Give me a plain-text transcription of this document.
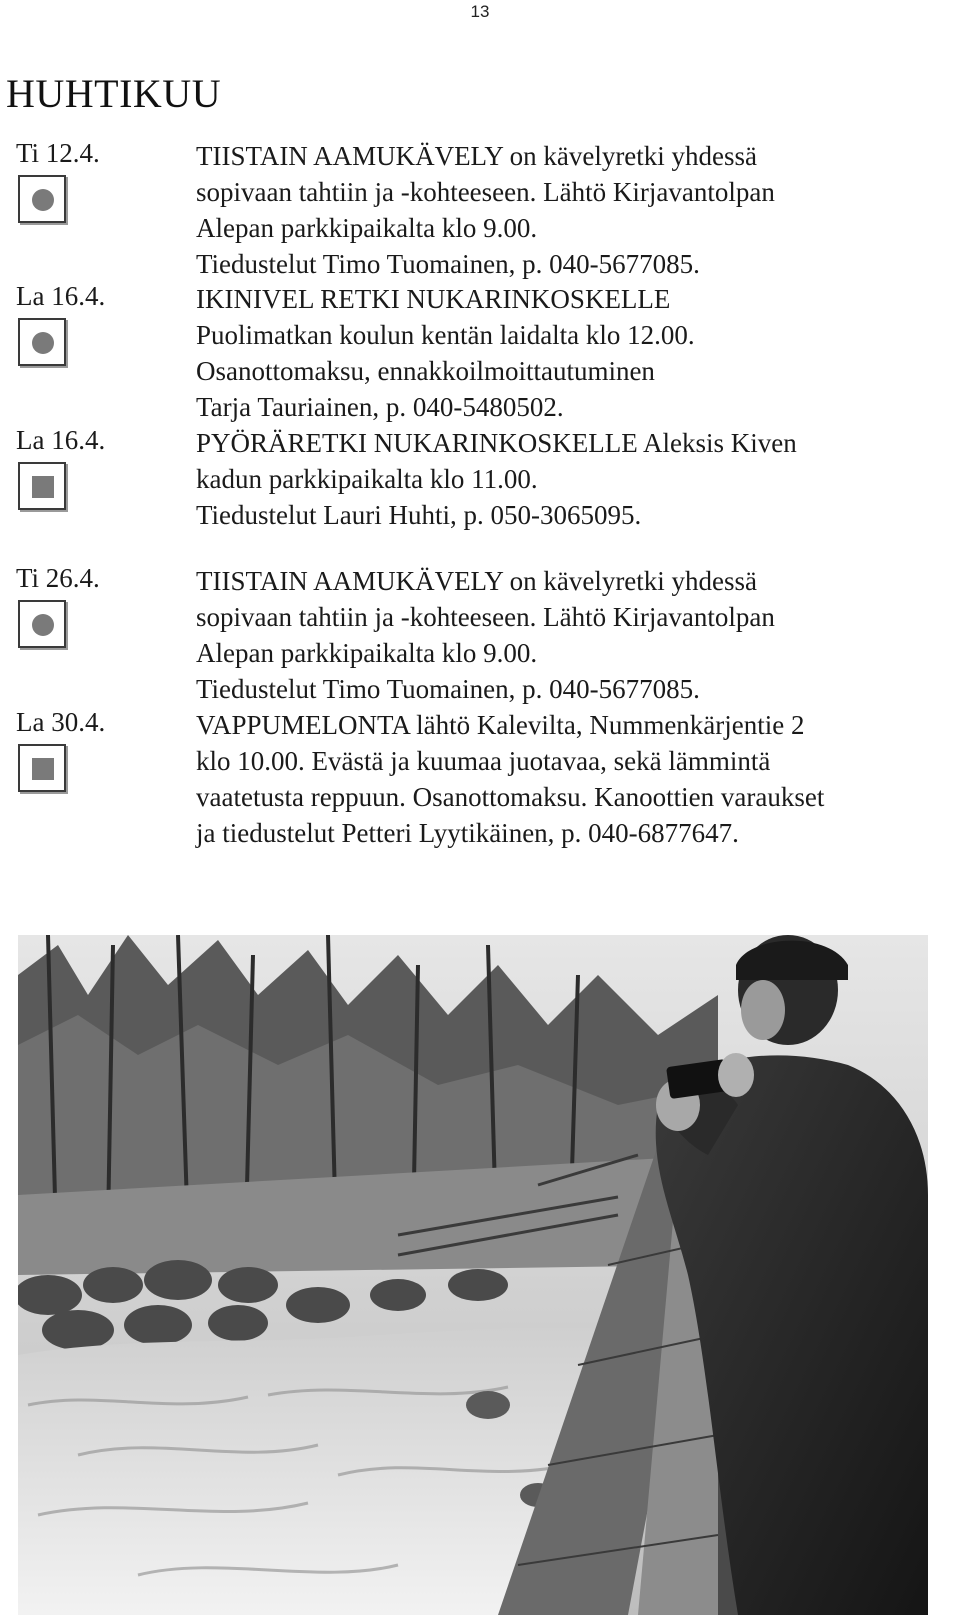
13
HUHTIKUU
Ti 12.4.	TIISTAIN AAMUKÄVELY on kävelyretki yhdessä
sopivaan tahtiin ja -kohteeseen. Lähtö Kirjavantolpan
Alepan parkkipaikalta klo 9.00.
Tiedustelut Timo Tuomainen, p. 040-5677085.
La 16.4.	IKINIVEL RETKI NUKARINKOSKELLE
Puolimatkan koulun kentän laidalta klo 12.00.
Osanottomaksu, ennakkoilmoittautuminen
Tarja Tauriainen, p. 040-5480502.
La 16.4.	PYÖRÄRETKI NUKARINKOSKELLE Aleksis Kiven
kadun parkkipaikalta klo 11.00.
Tiedustelut Lauri Huhti, p. 050-3065095.
Ti 26.4.	TIISTAIN AAMUKÄVELY on kävelyretki yhdessä
sopivaan tahtiin ja -kohteeseen. Lähtö Kirjavantolpan
Alepan parkkipaikalta klo 9.00.
Tiedustelut Timo Tuomainen, p. 040-5677085.
La 30.4.	VAPPUMELONTA lähtö Kalevilta, Nummenkärjentie 2
klo 10.00. Evästä ja kuumaa juotavaa, sekä lämmintä
vaatetusta reppuun. Osanottomaksu. Kanoottien varaukset
ja tiedustelut Petteri Lyytikäinen, p. 040-6877647.
